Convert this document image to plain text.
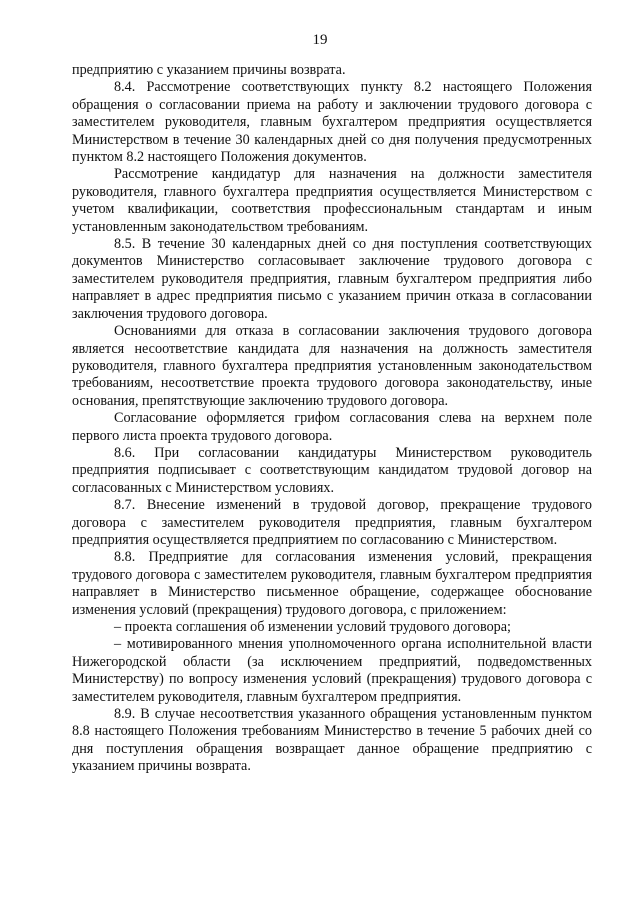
19

предприятию с указанием причины возврата.

8.4. Рассмотрение соответствующих пункту 8.2 настоящего Положения обращения о согласовании приема на работу и заключении трудового договора с заместителем руководителя, главным бухгалтером предприятия осуществляется Министерством в течение 30 календарных дней со дня получения предусмотренных пунктом 8.2 настоящего Положения документов.

Рассмотрение кандидатур для назначения на должности заместителя руководителя, главного бухгалтера предприятия осуществляется Министерством с учетом квалификации, соответствия профессиональным стандартам и иным установленным законодательством требованиям.

8.5. В течение 30 календарных дней со дня поступления соответствующих документов Министерство согласовывает заключение трудового договора с заместителем руководителя предприятия, главным бухгалтером предприятия либо направляет в адрес предприятия письмо с указанием причин отказа в согласовании заключения трудового договора.

Основаниями для отказа в согласовании заключения трудового договора является несоответствие кандидата для назначения на должность заместителя руководителя, главного бухгалтера предприятия установленным законодательством требованиям, несоответствие проекта трудового договора законодательству, иные основания, препятствующие заключению трудового договора.

Согласование оформляется грифом согласования слева на верхнем поле первого листа проекта трудового договора.

8.6. При согласовании кандидатуры Министерством руководитель предприятия подписывает с соответствующим кандидатом трудовой договор на согласованных с Министерством условиях.

8.7. Внесение изменений в трудовой договор, прекращение трудового договора с заместителем руководителя предприятия, главным бухгалтером предприятия осуществляется предприятием по согласованию с Министерством.

8.8. Предприятие для согласования изменения условий, прекращения трудового договора с заместителем руководителя, главным бухгалтером предприятия направляет в Министерство письменное обращение, содержащее обоснование изменения условий (прекращения) трудового договора, с приложением:

– проекта соглашения об изменении условий трудового договора;

– мотивированного мнения уполномоченного органа исполнительной власти Нижегородской области (за исключением предприятий, подведомственных Министерству) по вопросу изменения условий (прекращения) трудового договора с заместителем руководителя, главным бухгалтером предприятия.

8.9. В случае несоответствия указанного обращения установленным пунктом 8.8 настоящего Положения требованиям Министерство в течение 5 рабочих дней со дня поступления обращения возвращает данное обращение предприятию с указанием причины возврата.
